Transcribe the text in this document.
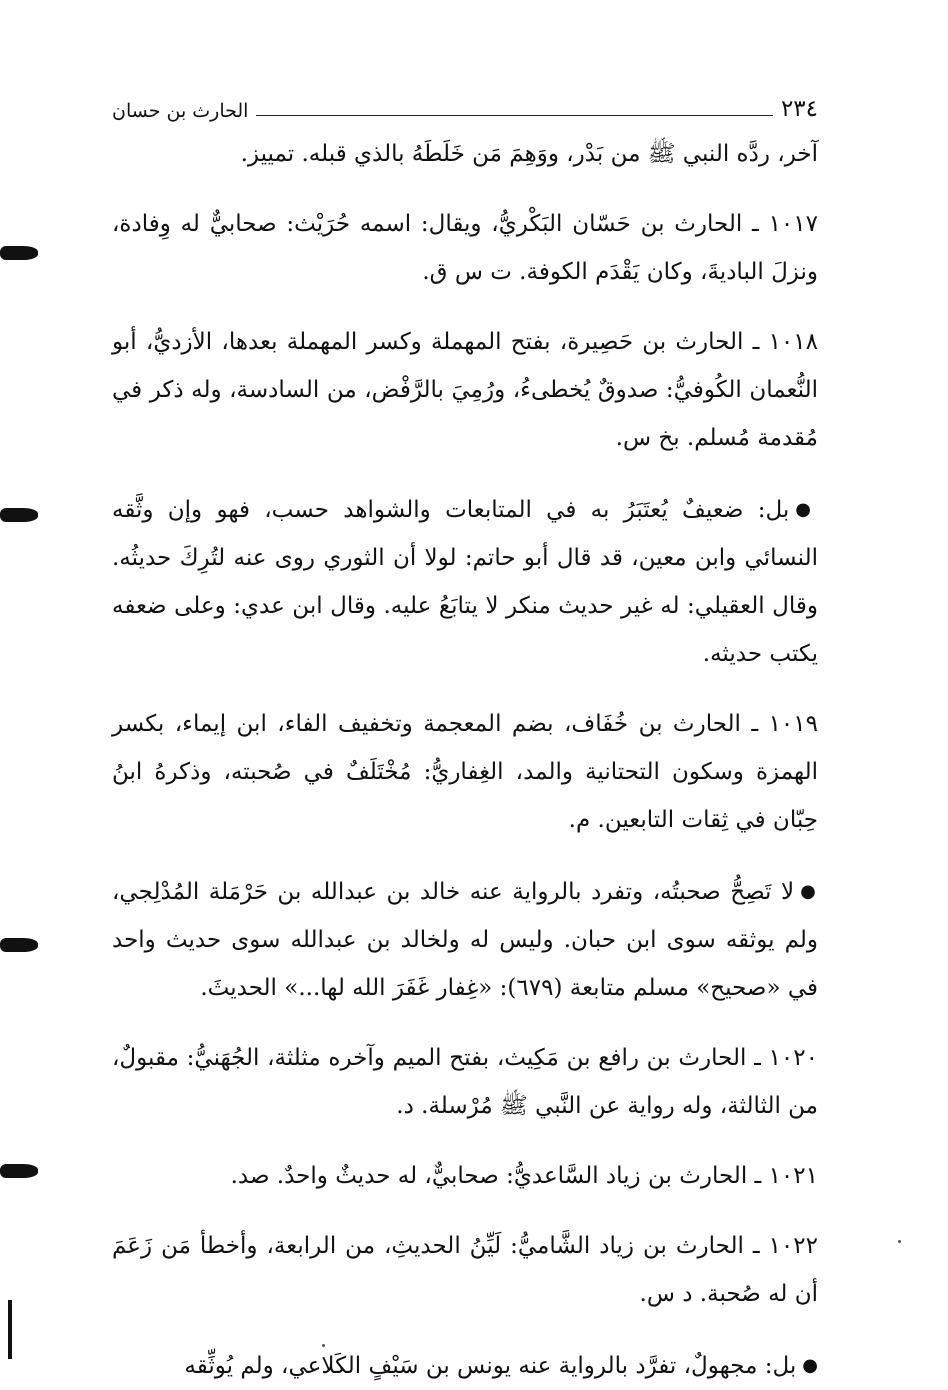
٢٣٤
الحارث بن حسان

آخر، ردَّه النبي ﷺ من بَدْر، ووَهِمَ مَن خَلَطَهُ بالذي قبله. تمييز.

١٠١٧ ـ الحارث بن حَسّان البَكْريُّ، ويقال: اسمه حُرَيْث: صحابيٌّ له وِفادة، ونزلَ الباديةَ، وكان يَقْدَم الكوفة. ت س ق.

١٠١٨ ـ الحارث بن حَصِيرة، بفتح المهملة وكسر المهملة بعدها، الأزديُّ، أبو النُّعمان الكُوفيُّ: صدوقٌ يُخطىءُ، ورُمِيَ بالرَّفْض، من السادسة، وله ذكر في مُقدمة مُسلم. بخ س.

●بل: ضعيفٌ يُعتَبَرُ به في المتابعات والشواهد حسب، فهو وإن وثَّقه النسائي وابن معين، قد قال أبو حاتم: لولا أن الثوري روى عنه لتُرِكَ حديثُه. وقال العقيلي: له غير حديث منكر لا يتابَعُ عليه. وقال ابن عدي: وعلى ضعفه يكتب حديثه.

١٠١٩ ـ الحارث بن خُفَاف، بضم المعجمة وتخفيف الفاء، ابن إيماء، بكسر الهمزة وسكون التحتانية والمد، الغِفاريُّ: مُخْتَلَفٌ في صُحبته، وذكرهُ ابنُ حِبّان في ثِقات التابعين. م.

●لا تَصِحُّ صحبتُه، وتفرد بالرواية عنه خالد بن عبدالله بن حَرْمَلة المُدْلِجي، ولم يوثقه سوى ابن حبان. وليس له ولخالد بن عبدالله سوى حديث واحد في «صحيح» مسلم متابعة (٦٧٩): «غِفار غَفَرَ الله لها...» الحديثَ.

١٠٢٠ ـ الحارث بن رافع بن مَكِيث، بفتح الميم وآخره مثلثة، الجُهَنيُّ: مقبولٌ، من الثالثة، وله رواية عن النَّبي ﷺ مُرْسلة. د.

١٠٢١ ـ الحارث بن زياد السَّاعديُّ: صحابيٌّ، له حديثٌ واحدٌ. صد.

١٠٢٢ ـ الحارث بن زياد الشَّاميُّ: لَيِّنُ الحديثِ، من الرابعة، وأخطأ مَن زَعَمَ أن له صُحبة. د س.

●بل: مجهولٌ، تفرَّد بالرواية عنه يونس بن سَيْفٍ الكَلاعي، ولم يُوثِّقه
